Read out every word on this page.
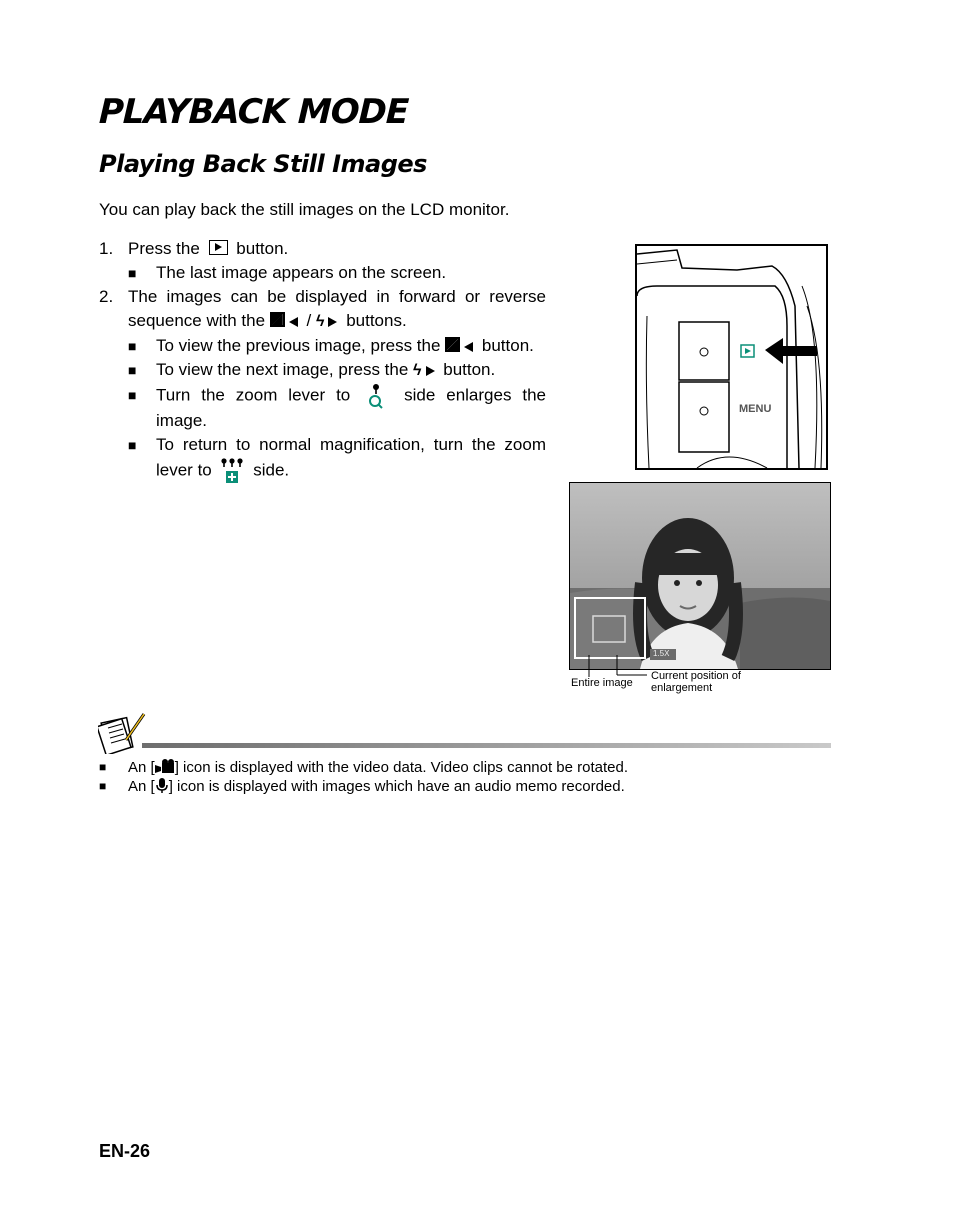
PLAYBACK MODE
Playing Back Still Images
You can play back the still images on the LCD monitor.
1. Press the button.
■	The last image appears on the screen.
2. The images can be displayed in forward or reverse sequence with the / ϟ buttons.
■	To view the previous image, press the button.
■	To view the next image, press the ϟ button.
■	Turn the zoom lever to	side enlarges the image.
■	To return to normal magnification, turn the zoom lever to side.
MENU
1.5X
Entire image
Current position of enlargement
■	An [ ] icon is displayed with the video data. Video clips cannot be rotated.
■	An [ ] icon is displayed with images which have an audio memo recorded.
EN-26
